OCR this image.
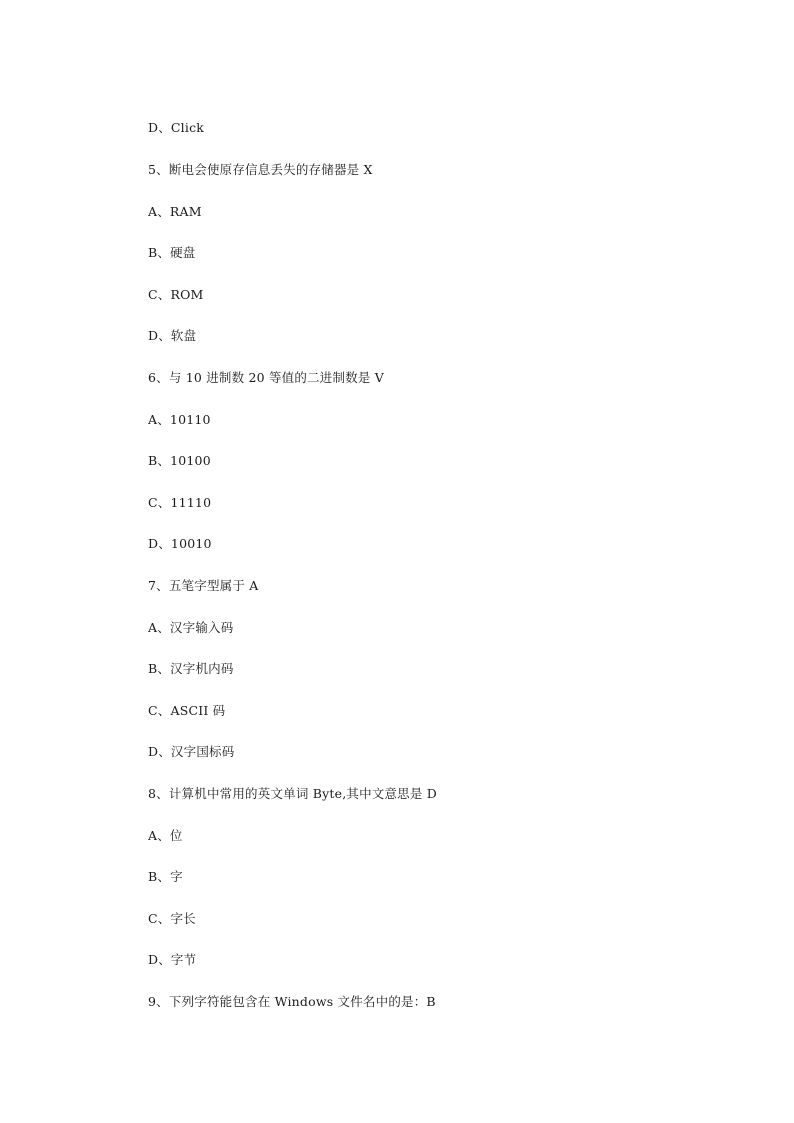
D、Click
5、断电会使原存信息丢失的存储器是 X
A、RAM
B、硬盘
C、ROM
D、软盘
6、与 10 进制数 20 等值的二进制数是 V
A、10110
B、10100
C、11110
D、10010
7、五笔字型属于 A
A、汉字输入码
B、汉字机内码
C、ASCII 码
D、汉字国标码
8、计算机中常用的英文单词 Byte,其中文意思是 D
A、位
B、字
C、字长
D、字节
9、下列字符能包含在 Windows 文件名中的是：B
